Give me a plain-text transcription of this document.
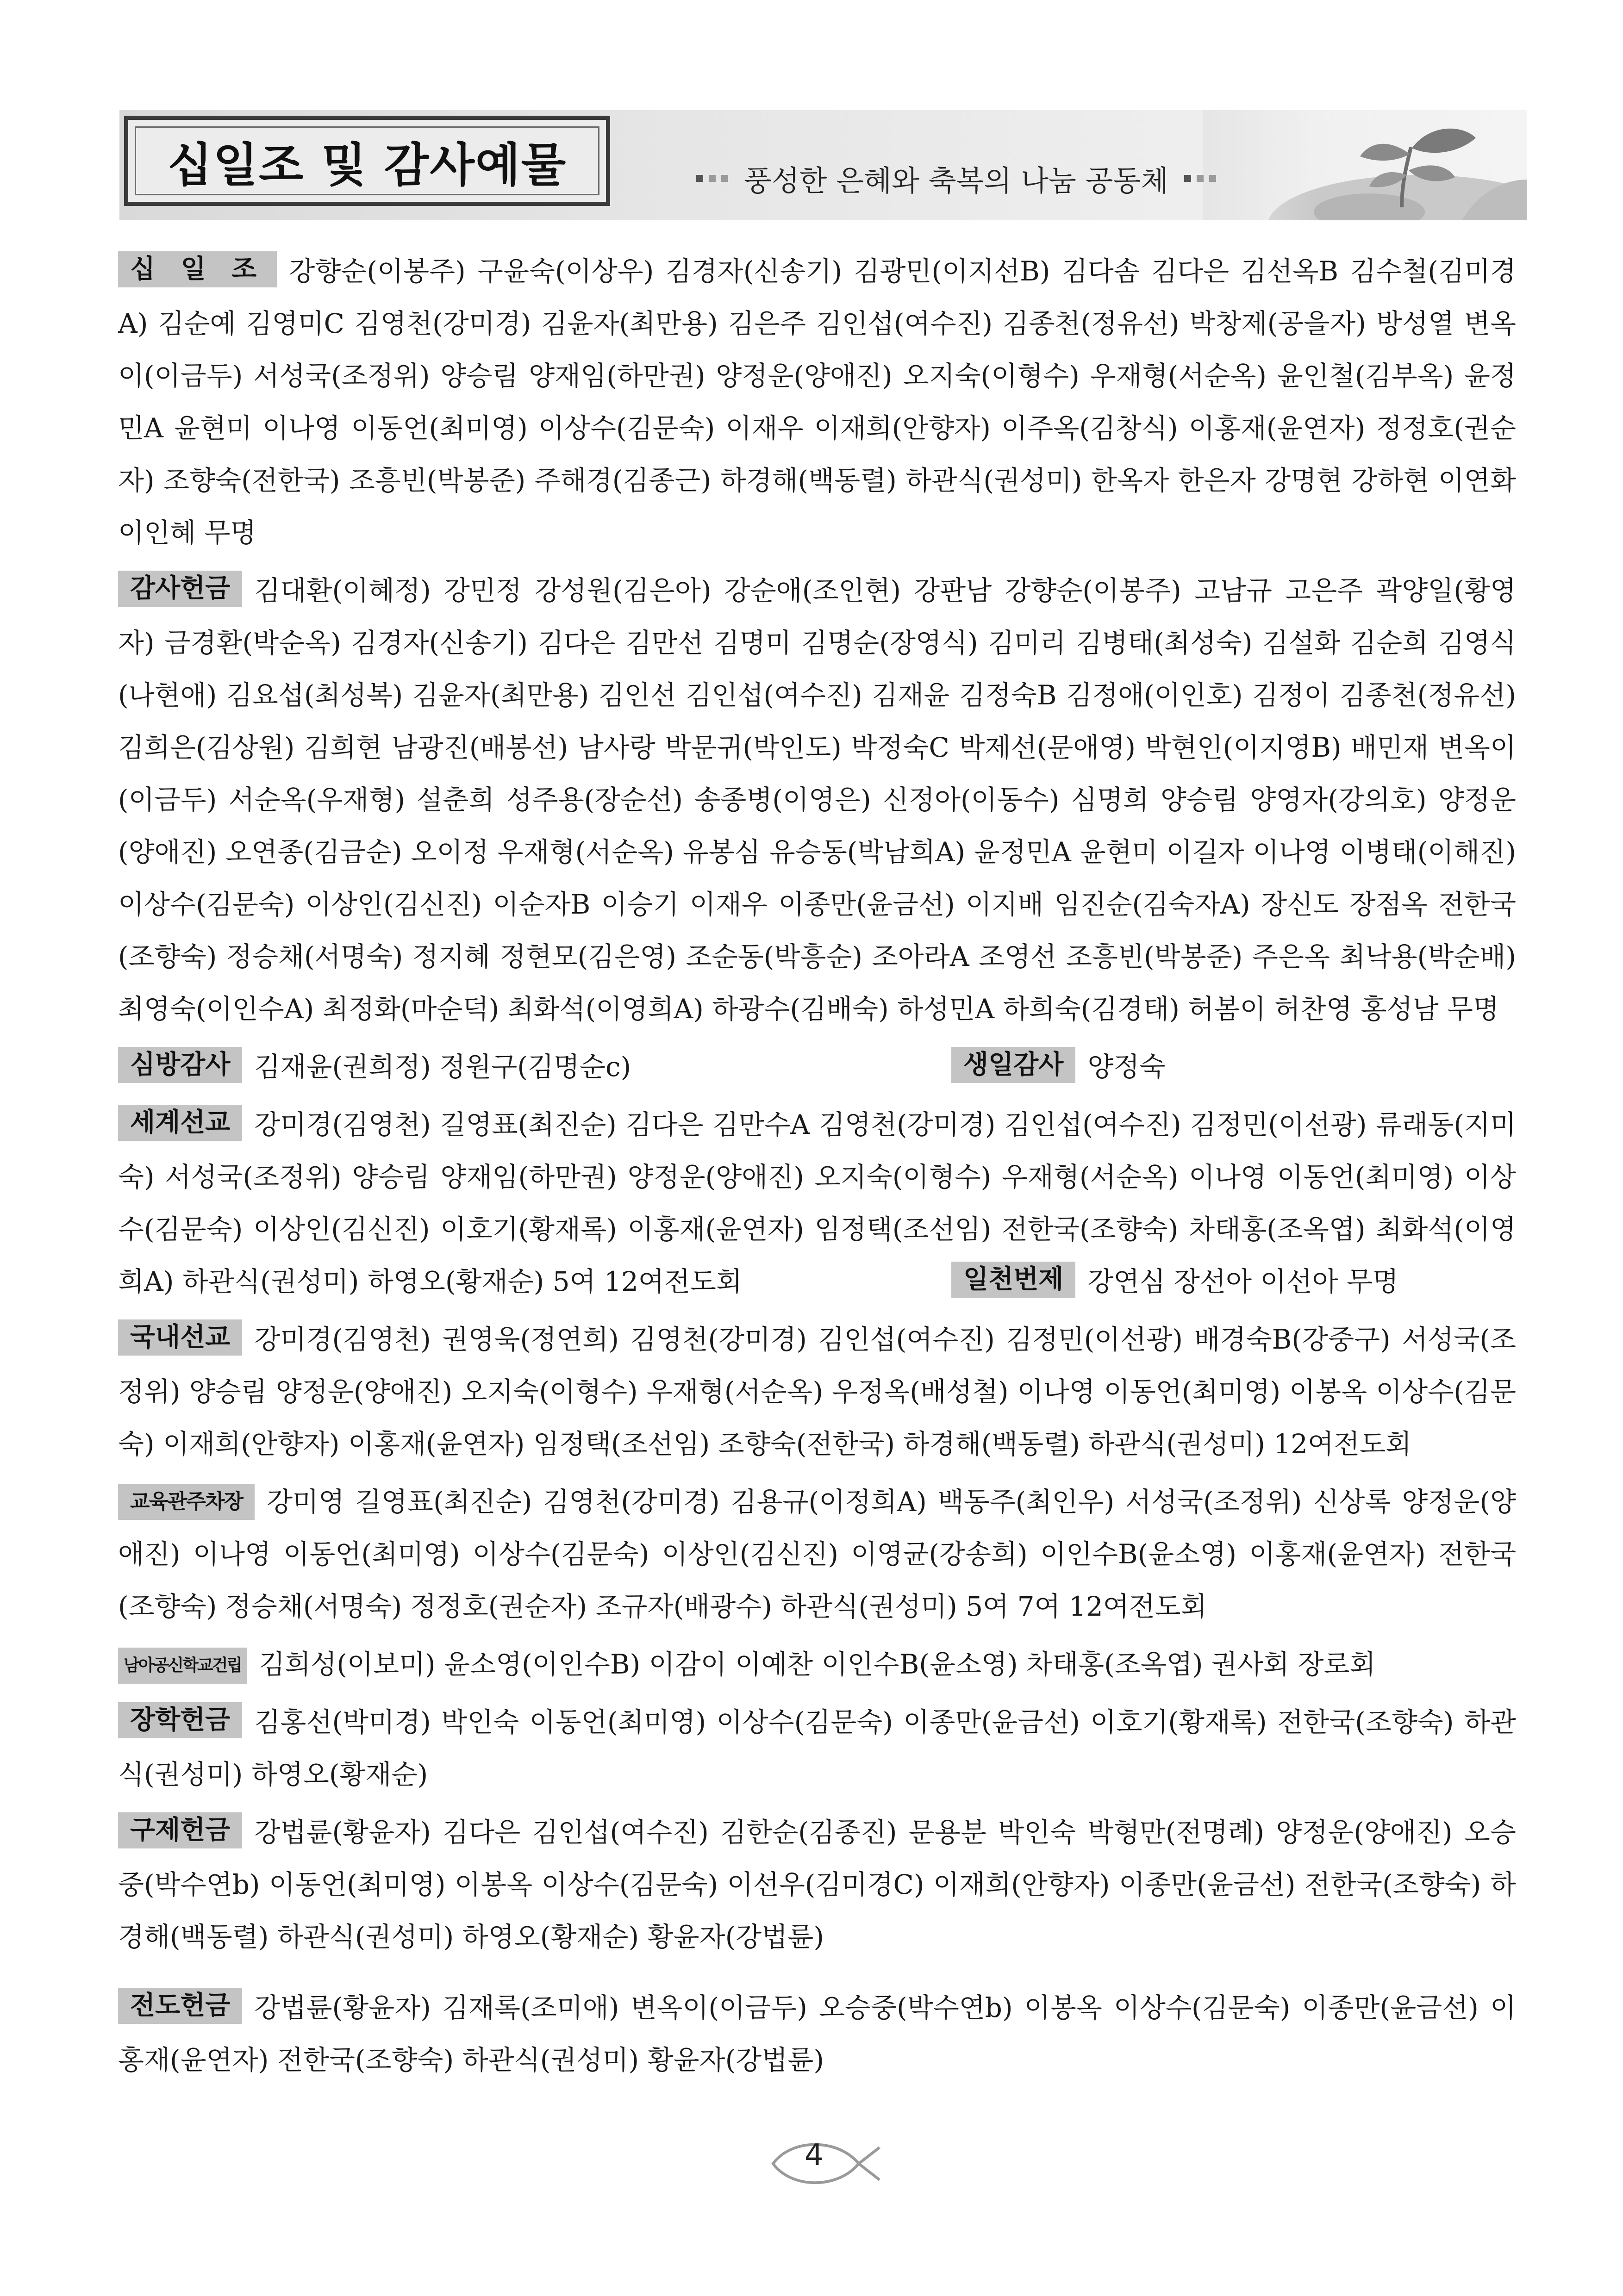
십일조 및 감사예물	풍성한 은혜와 축복의 나눔 공동체
십 일 조 강향순(이봉주) 구윤숙(이상우) 김경자(신송기) 김광민(이지선B) 김다솜 김다은 김선옥B 김수철(김미경A) 김순예 김영미C 김영천(강미경) 김윤자(최만용) 김은주 김인섭(여수진) 김종천(정유선) 박창제(공을자) 방성열 변옥이(이금두) 서성국(조정위) 양승림 양재임(하만권) 양정운(양애진) 오지숙(이형수) 우재형(서순옥) 윤인철(김부옥) 윤정민A 윤현미 이나영 이동언(최미영) 이상수(김문숙) 이재우 이재희(안향자) 이주옥(김창식) 이홍재(윤연자) 정정호(권순자) 조향숙(전한국) 조흥빈(박봉준) 주해경(김종근) 하경해(백동렬) 하관식(권성미) 한옥자 한은자 강명현 강하현 이연화 이인혜 무명
감사헌금 김대환(이혜정) 강민정 강성원(김은아) 강순애(조인현) 강판남 강향순(이봉주) 고남규 고은주 곽양일(황영자) 금경환(박순옥) 김경자(신송기) 김다은 김만선 김명미 김명순(장영식) 김미리 김병태(최성숙) 김설화 김순희 김영식(나현애) 김요섭(최성복) 김윤자(최만용) 김인선 김인섭(여수진) 김재윤 김정숙B 김정애(이인호) 김정이 김종천(정유선) 김희은(김상원) 김희현 남광진(배봉선) 남사랑 박문귀(박인도) 박정숙C 박제선(문애영) 박현인(이지영B) 배민재 변옥이(이금두) 서순옥(우재형) 설춘희 성주용(장순선) 송종병(이영은) 신정아(이동수) 심명희 양승림 양영자(강의호) 양정운(양애진) 오연종(김금순) 오이정 우재형(서순옥) 유봉심 유승동(박남희A) 윤정민A 윤현미 이길자 이나영 이병태(이해진) 이상수(김문숙) 이상인(김신진) 이순자B 이승기 이재우 이종만(윤금선) 이지배 임진순(김숙자A) 장신도 장점옥 전한국(조향숙) 정승채(서명숙) 정지혜 정현모(김은영) 조순동(박흥순) 조아라A 조영선 조흥빈(박봉준) 주은옥 최낙용(박순배) 최영숙(이인수A) 최정화(마순덕) 최화석(이영희A) 하광수(김배숙) 하성민A 하희숙(김경태) 허봄이 허찬영 홍성남 무명
심방감사 김재윤(권희정) 정원구(김명순c)	생일감사 양정숙
세계선교 강미경(김영천) 길영표(최진순) 김다은 김만수A 김영천(강미경) 김인섭(여수진) 김정민(이선광) 류래동(지미숙) 서성국(조정위) 양승림 양재임(하만권) 양정운(양애진) 오지숙(이형수) 우재형(서순옥) 이나영 이동언(최미영) 이상수(김문숙) 이상인(김신진) 이호기(황재록) 이홍재(윤연자) 임정택(조선임) 전한국(조향숙) 차태홍(조옥엽) 최화석(이영희A) 하관식(권성미) 하영오(황재순) 5여 12여전도회	일천번제 강연심 장선아 이선아 무명
국내선교 강미경(김영천) 권영욱(정연희) 김영천(강미경) 김인섭(여수진) 김정민(이선광) 배경숙B(강중구) 서성국(조정위) 양승림 양정운(양애진) 오지숙(이형수) 우재형(서순옥) 우정옥(배성철) 이나영 이동언(최미영) 이봉옥 이상수(김문숙) 이재희(안향자) 이홍재(윤연자) 임정택(조선임) 조향숙(전한국) 하경해(백동렬) 하관식(권성미) 12여전도회
교육관주차장 강미영 길영표(최진순) 김영천(강미경) 김용규(이정희A) 백동주(최인우) 서성국(조정위) 신상록 양정운(양애진) 이나영 이동언(최미영) 이상수(김문숙) 이상인(김신진) 이영균(강송희) 이인수B(윤소영) 이홍재(윤연자) 전한국(조향숙) 정승채(서명숙) 정정호(권순자) 조규자(배광수) 하관식(권성미) 5여 7여 12여전도회
남아공신학교건립 김희성(이보미) 윤소영(이인수B) 이감이 이예찬 이인수B(윤소영) 차태홍(조옥엽) 권사회 장로회
장학헌금 김홍선(박미경) 박인숙 이동언(최미영) 이상수(김문숙) 이종만(윤금선) 이호기(황재록) 전한국(조향숙) 하관식(권성미) 하영오(황재순)
구제헌금 강법륜(황윤자) 김다은 김인섭(여수진) 김한순(김종진) 문용분 박인숙 박형만(전명례) 양정운(양애진) 오승중(박수연b) 이동언(최미영) 이봉옥 이상수(김문숙) 이선우(김미경C) 이재희(안향자) 이종만(윤금선) 전한국(조향숙) 하경해(백동렬) 하관식(권성미) 하영오(황재순) 황윤자(강법륜)
전도헌금 강법륜(황윤자) 김재록(조미애) 변옥이(이금두) 오승중(박수연b) 이봉옥 이상수(김문숙) 이종만(윤금선) 이홍재(윤연자) 전한국(조향숙) 하관식(권성미) 황윤자(강법륜)
4
